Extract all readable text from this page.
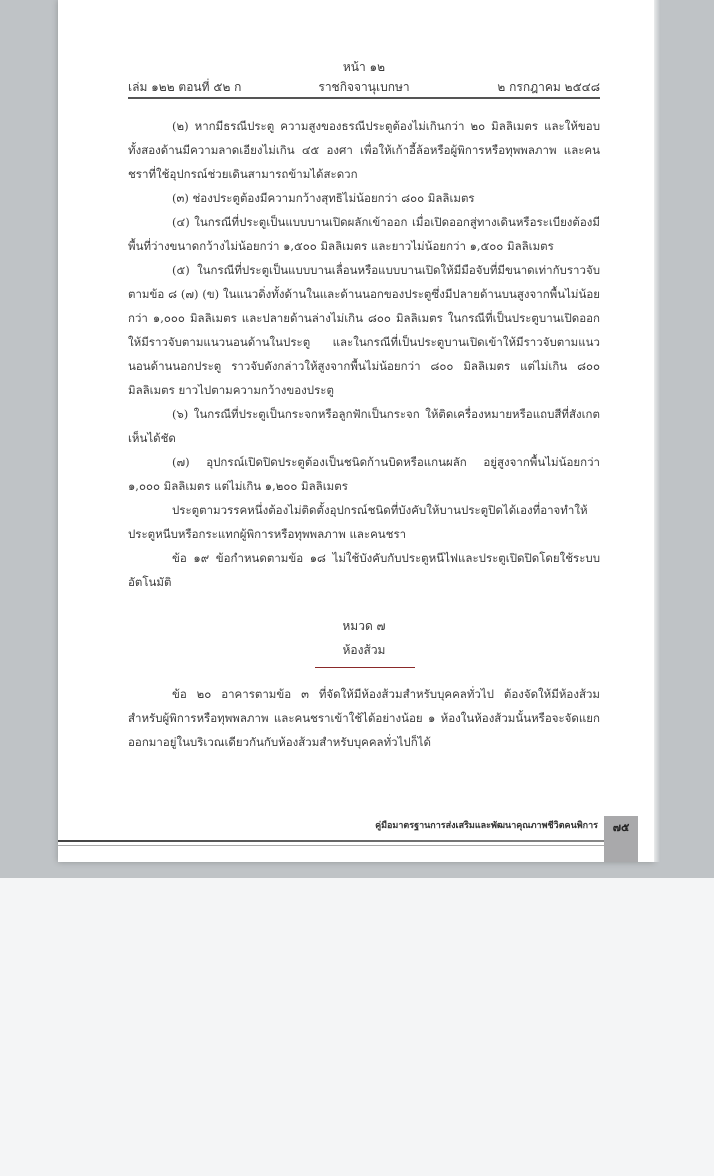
หน้า ๑๒
เล่ม ๑๒๒ ตอนที่ ๕๒ ก	ราชกิจจานุเบกษา	๒ กรกฎาคม ๒๕๔๘

(๒) หากมีธรณีประตู ความสูงของธรณีประตูต้องไม่เกินกว่า ๒๐ มิลลิเมตร และให้ขอบทั้งสองด้านมีความลาดเอียงไม่เกิน ๔๕ องศา เพื่อให้เก้าอี้ล้อหรือผู้พิการหรือทุพพลภาพ และคนชราที่ใช้อุปกรณ์ช่วยเดินสามารถข้ามได้สะดวก

(๓) ช่องประตูต้องมีความกว้างสุทธิไม่น้อยกว่า ๘๐๐ มิลลิเมตร

(๔) ในกรณีที่ประตูเป็นแบบบานเปิดผลักเข้าออก เมื่อเปิดออกสู่ทางเดินหรือระเบียงต้องมีพื้นที่ว่างขนาดกว้างไม่น้อยกว่า ๑,๕๐๐ มิลลิเมตร และยาวไม่น้อยกว่า ๑,๕๐๐ มิลลิเมตร

(๕) ในกรณีที่ประตูเป็นแบบบานเลื่อนหรือแบบบานเปิดให้มีมือจับที่มีขนาดเท่ากับราวจับตามข้อ ๘ (๗) (ข) ในแนวดิ่งทั้งด้านในและด้านนอกของประตูซึ่งมีปลายด้านบนสูงจากพื้นไม่น้อยกว่า ๑,๐๐๐ มิลลิเมตร และปลายด้านล่างไม่เกิน ๘๐๐ มิลลิเมตร ในกรณีที่เป็นประตูบานเปิดออกให้มีราวจับตามแนวนอนด้านในประตู และในกรณีที่เป็นประตูบานเปิดเข้าให้มีราวจับตามแนวนอนด้านนอกประตู ราวจับดังกล่าวให้สูงจากพื้นไม่น้อยกว่า ๘๐๐ มิลลิเมตร แต่ไม่เกิน ๘๐๐ มิลลิเมตร ยาวไปตามความกว้างของประตู

(๖) ในกรณีที่ประตูเป็นกระจกหรือลูกฟักเป็นกระจก ให้ติดเครื่องหมายหรือแถบสีที่สังเกตเห็นได้ชัด

(๗) อุปกรณ์เปิดปิดประตูต้องเป็นชนิดก้านบิดหรือแกนผลัก อยู่สูงจากพื้นไม่น้อยกว่า ๑,๐๐๐ มิลลิเมตร แต่ไม่เกิน ๑,๒๐๐ มิลลิเมตร

ประตูตามวรรคหนึ่งต้องไม่ติดตั้งอุปกรณ์ชนิดที่บังคับให้บานประตูปิดได้เองที่อาจทำให้ประตูหนีบหรือกระแทกผู้พิการหรือทุพพลภาพ และคนชรา

ข้อ ๑๙ ข้อกำหนดตามข้อ ๑๘ ไม่ใช้บังคับกับประตูหนีไฟและประตูเปิดปิดโดยใช้ระบบอัตโนมัติ

หมวด ๗
ห้องส้วม

ข้อ ๒๐ อาคารตามข้อ ๓ ที่จัดให้มีห้องส้วมสำหรับบุคคลทั่วไป ต้องจัดให้มีห้องส้วมสำหรับผู้พิการหรือทุพพลภาพ และคนชราเข้าใช้ได้อย่างน้อย ๑ ห้องในห้องส้วมนั้นหรือจะจัดแยกออกมาอยู่ในบริเวณเดียวกันกับห้องส้วมสำหรับบุคคลทั่วไปก็ได้

คู่มือมาตรฐานการส่งเสริมและพัฒนาคุณภาพชีวิตคนพิการ	๗๕
